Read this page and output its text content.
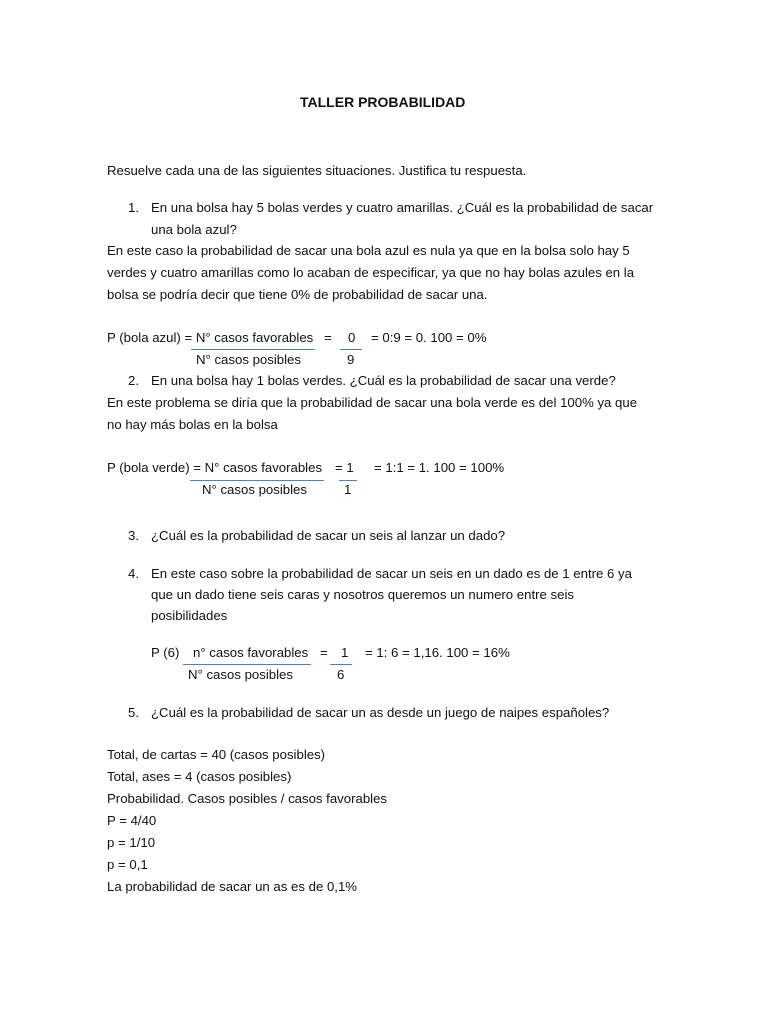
TALLER PROBABILIDAD
Resuelve cada una de las siguientes situaciones. Justifica tu respuesta.
1. En una bolsa hay 5 bolas verdes y cuatro amarillas. ¿Cuál es la probabilidad de sacar
una bola azul?
En este caso la probabilidad de sacar una bola azul es nula ya que en la bolsa solo hay 5
verdes y cuatro amarillas como lo acaban de especificar, ya que no hay bolas azules en la
bolsa se podría decir que tiene 0% de probabilidad de sacar una.
P (bola azul) = N° casos favorables = 0 = 0:9 = 0. 100 = 0%
N° casos posibles	9
2. En una bolsa hay 1 bolas verdes. ¿Cuál es la probabilidad de sacar una verde?
En este problema se diría que la probabilidad de sacar una bola verde es del 100% ya que
no hay más bolas en la bolsa
P (bola verde) = N° casos favorables = 1 = 1:1 = 1. 100 = 100%
N° casos posibles	1
3. ¿Cuál es la probabilidad de sacar un seis al lanzar un dado?
4. En este caso sobre la probabilidad de sacar un seis en un dado es de 1 entre 6 ya
que un dado tiene seis caras y nosotros queremos un numero entre seis
posibilidades
P (6) n° casos favorables = 1 = 1: 6 = 1,16. 100 = 16%
N° casos posibles	6
5. ¿Cuál es la probabilidad de sacar un as desde un juego de naipes españoles?
Total, de cartas = 40 (casos posibles)
Total, ases = 4 (casos posibles)
Probabilidad. Casos posibles / casos favorables
P = 4/40
p = 1/10
p = 0,1
La probabilidad de sacar un as es de 0,1%
